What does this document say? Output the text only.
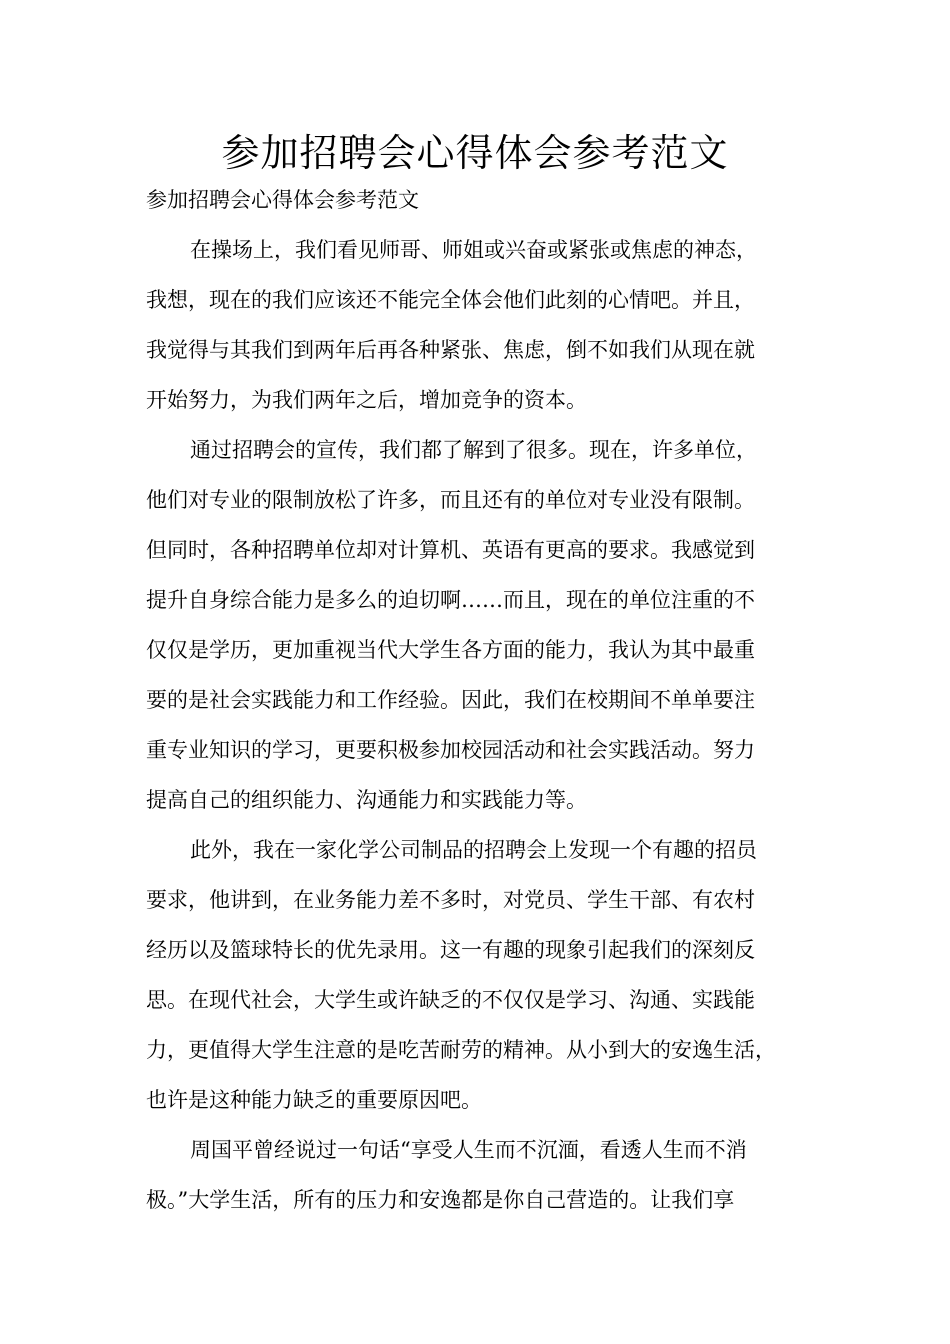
参加招聘会心得体会参考范文
参加招聘会心得体会参考范文
在操场上，我们看见师哥、师姐或兴奋或紧张或焦虑的神态，
我想，现在的我们应该还不能完全体会他们此刻的心情吧。并且，
我觉得与其我们到两年后再各种紧张、焦虑，倒不如我们从现在就
开始努力，为我们两年之后，增加竞争的资本。
通过招聘会的宣传，我们都了解到了很多。现在，许多单位，
他们对专业的限制放松了许多，而且还有的单位对专业没有限制。
但同时，各种招聘单位却对计算机、英语有更高的要求。我感觉到
提升自身综合能力是多么的迫切啊……而且，现在的单位注重的不
仅仅是学历，更加重视当代大学生各方面的能力，我认为其中最重
要的是社会实践能力和工作经验。因此，我们在校期间不单单要注
重专业知识的学习，更要积极参加校园活动和社会实践活动。努力
提高自己的组织能力、沟通能力和实践能力等。
此外，我在一家化学公司制品的招聘会上发现一个有趣的招员
要求，他讲到，在业务能力差不多时，对党员、学生干部、有农村
经历以及篮球特长的优先录用。这一有趣的现象引起我们的深刻反
思。在现代社会，大学生或许缺乏的不仅仅是学习、沟通、实践能
力，更值得大学生注意的是吃苦耐劳的精神。从小到大的安逸生活，
也许是这种能力缺乏的重要原因吧。
周国平曾经说过一句话“享受人生而不沉湎，看透人生而不消
极。”大学生活，所有的压力和安逸都是你自己营造的。让我们享
